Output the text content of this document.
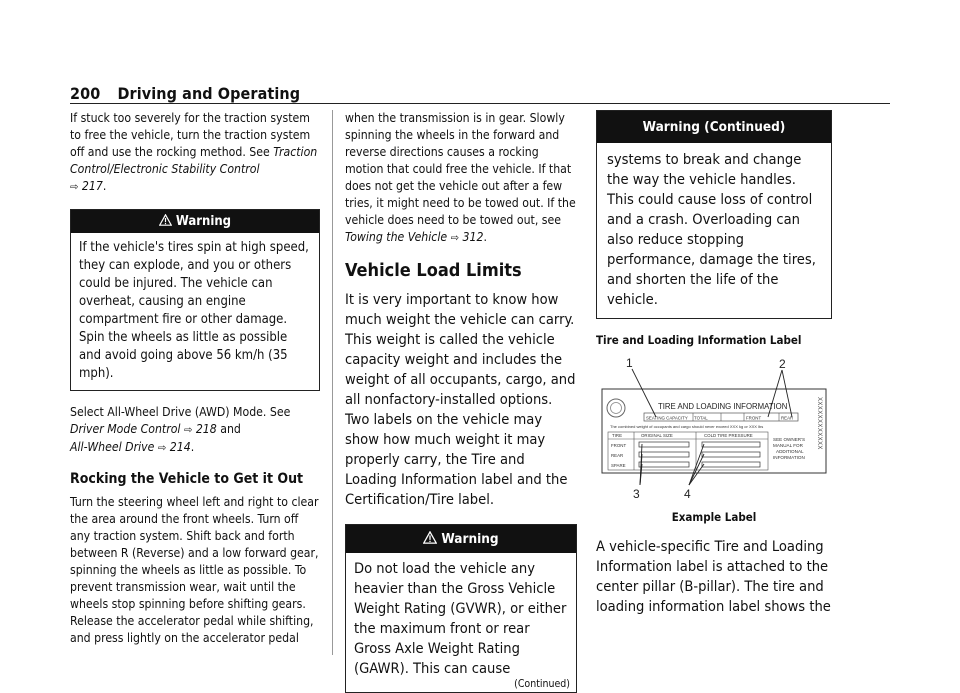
200 Driving and Operating

If stuck too severely for the traction system to free the vehicle, turn the traction system off and use the rocking method. See Traction Control/Electronic Stability Control
⇨ 217.

Warning
If the vehicle's tires spin at high speed, they can explode, and you or others could be injured. The vehicle can overheat, causing an engine compartment fire or other damage. Spin the wheels as little as possible and avoid going above 56 km/h (35 mph).

Select All-Wheel Drive (AWD) Mode. See
Driver Mode Control ⇨ 218 and
All-Wheel Drive ⇨ 214.

Rocking the Vehicle to Get it Out

Turn the steering wheel left and right to clear the area around the front wheels. Turn off any traction system. Shift back and forth between R (Reverse) and a low forward gear, spinning the wheels as little as possible. To prevent transmission wear, wait until the wheels stop spinning before shifting gears. Release the accelerator pedal while shifting, and press lightly on the accelerator pedal

when the transmission is in gear. Slowly spinning the wheels in the forward and reverse directions causes a rocking motion that could free the vehicle. If that does not get the vehicle out after a few tries, it might need to be towed out. If the vehicle does need to be towed out, see Towing the Vehicle ⇨ 312.

Vehicle Load Limits

It is very important to know how much weight the vehicle can carry. This weight is called the vehicle capacity weight and includes the weight of all occupants, cargo, and all nonfactory-installed options. Two labels on the vehicle may show how much weight it may properly carry, the Tire and Loading Information label and the Certification/Tire label.

Warning
Do not load the vehicle any heavier than the Gross Vehicle Weight Rating (GVWR), or either the maximum front or rear Gross Axle Weight Rating (GAWR). This can cause
(Continued)
Warning (Continued)
systems to break and change the way the vehicle handles. This could cause loss of control and a crash. Overloading can also reduce stopping performance, damage the tires, and shorten the life of the vehicle.
Tire and Loading Information Label
TIRE AND LOADING INFORMATION
SEATING CAPACITY TOTAL	FRONT	REAR
The combined weight of occupants and cargo should never exceed XXX kg or XXX lbs
TIRE	ORIGINAL SIZE	COLD TIRE PRESSURE
FRONT
REAR
SPARE
SEE OWNER'S
MANUAL FOR
ADDITIONAL
INFORMATION
XXXXXXXXXXXX
1	2
3	4
Example Label

A vehicle-specific Tire and Loading Information label is attached to the center pillar (B-pillar). The tire and loading information label shows the
